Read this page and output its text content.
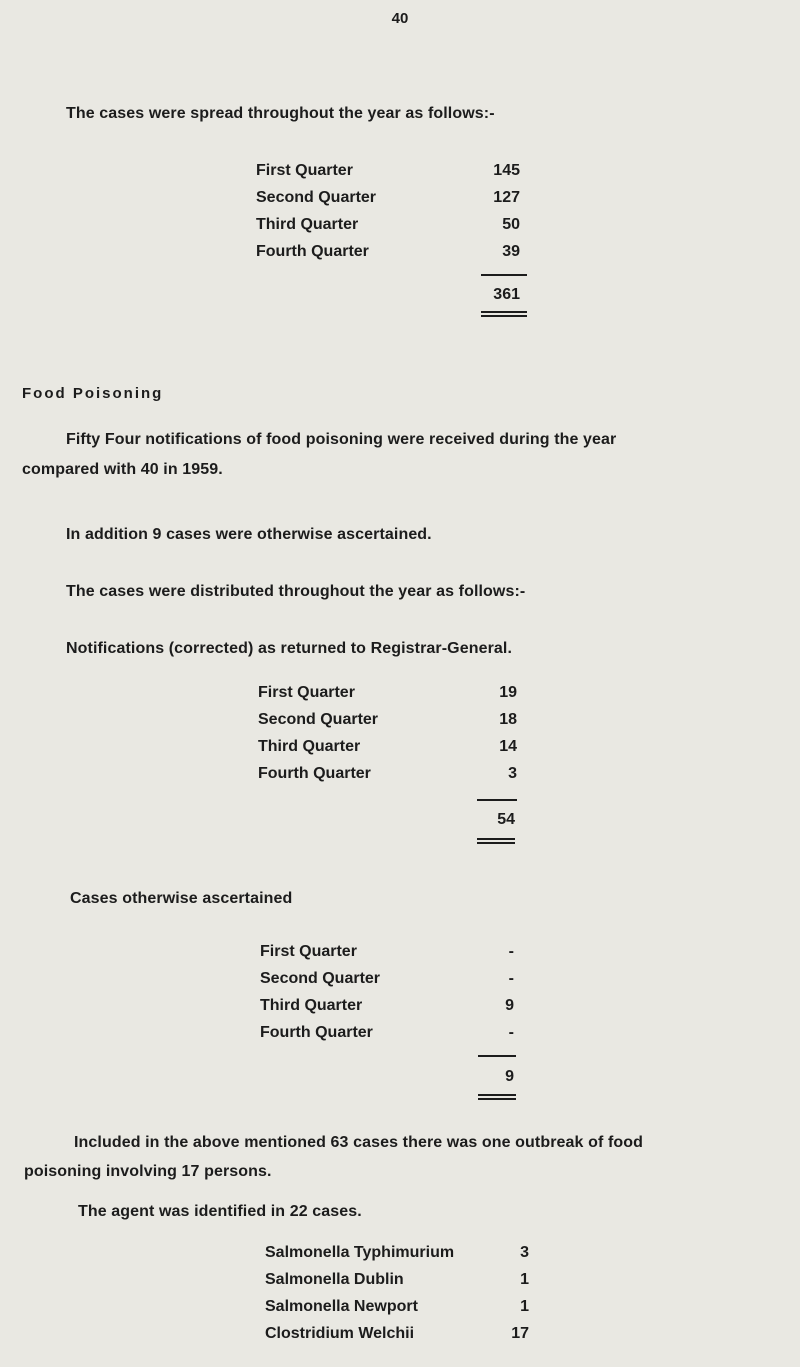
40
The cases were spread throughout the year as follows:-
First Quarter	145
Second Quarter	127
Third Quarter	50
Fourth Quarter	39
361
Food Poisoning
Fifty Four notifications of food poisoning were received during the year
compared with 40 in 1959.
In addition 9 cases were otherwise ascertained.
The cases were distributed throughout the year as follows:-
Notifications (corrected) as returned to Registrar-General.
First Quarter	19
Second Quarter	18
Third Quarter	14
Fourth Quarter	3
54
Cases otherwise ascertained
First Quarter	-
Second Quarter	-
Third Quarter	9
Fourth Quarter	-
9
Included in the above mentioned 63 cases there was one outbreak of food
poisoning involving 17 persons.
The agent was identified in 22 cases.
Salmonella Typhimurium	3
Salmonella Dublin	1
Salmonella Newport	1
Clostridium Welchii	17
